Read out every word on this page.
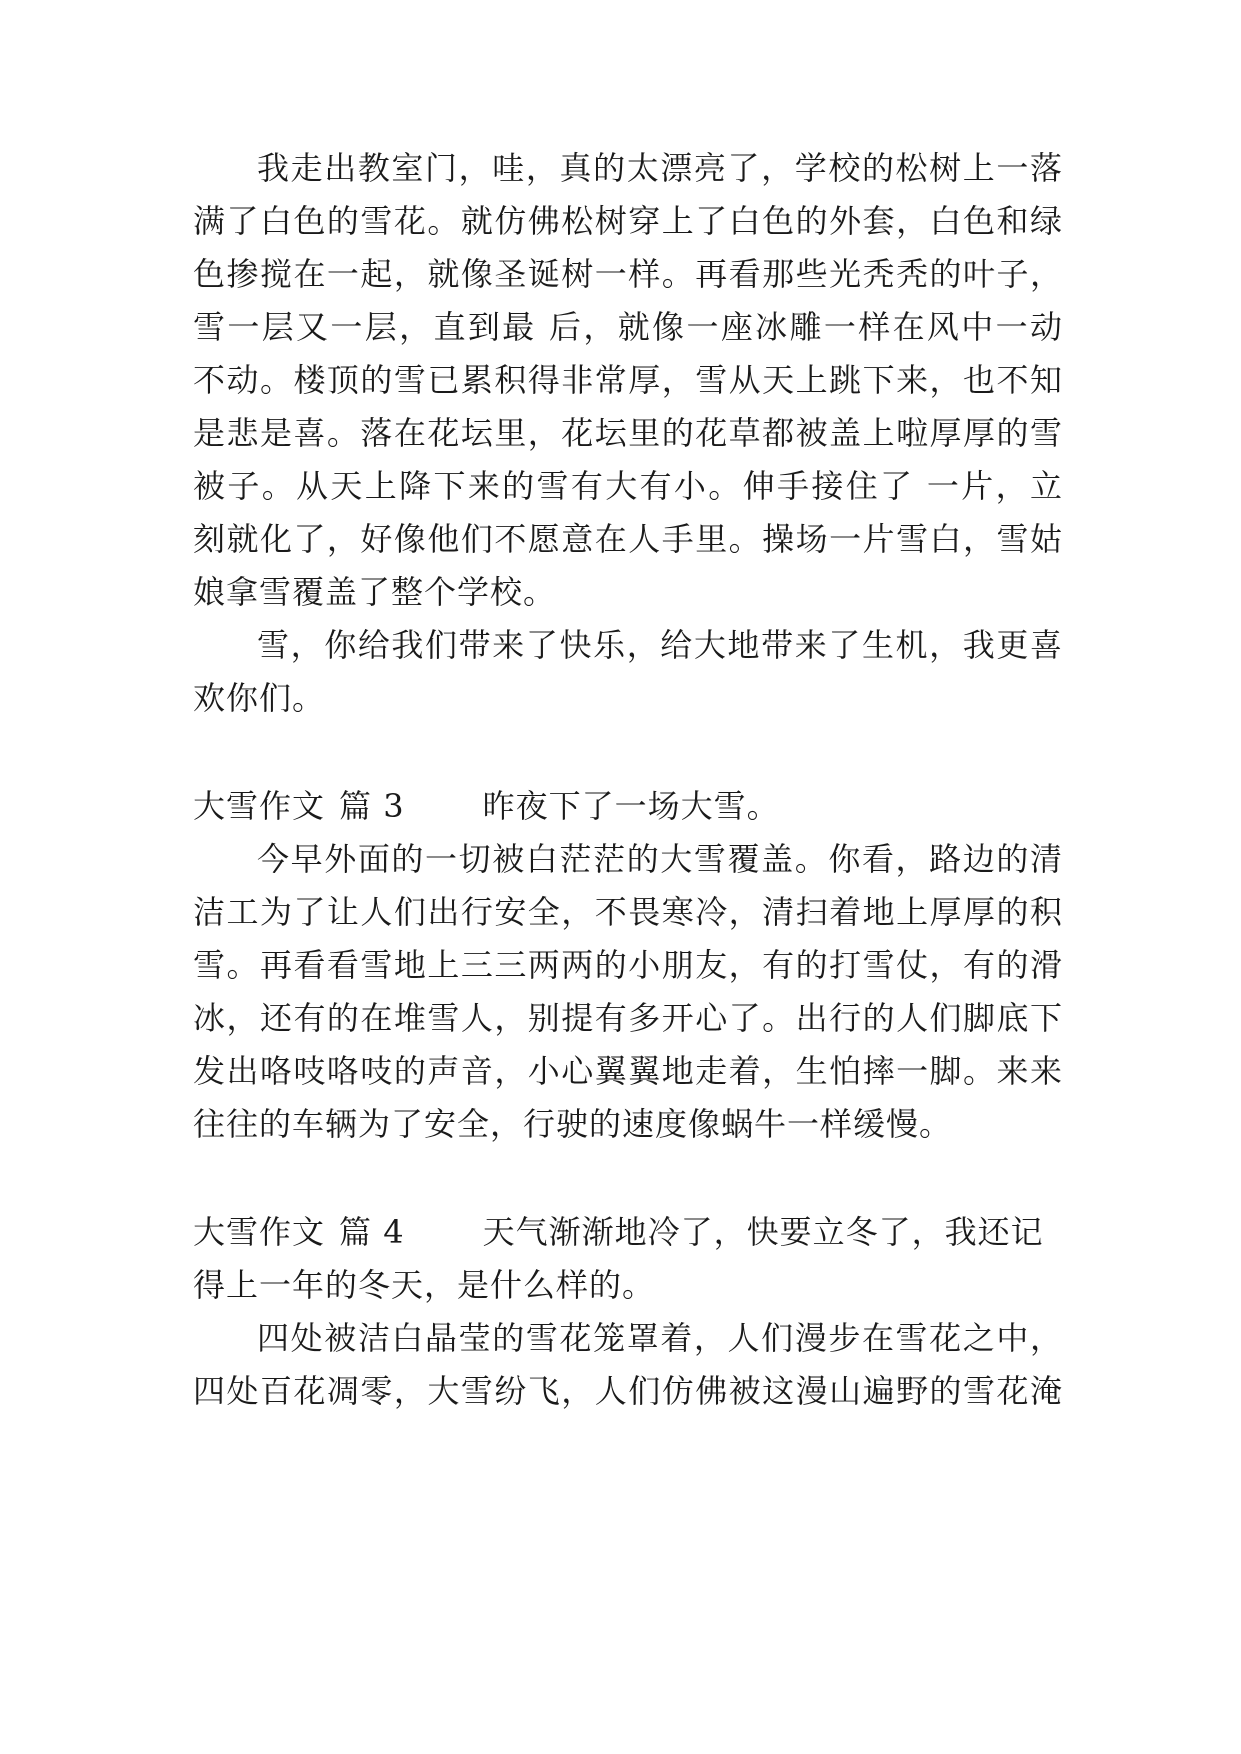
我走出教室门，哇，真的太漂亮了，学校的松树上一落
满了白色的雪花。就仿佛松树穿上了白色的外套，白色和绿
色掺搅在一起，就像圣诞树一样。再看那些光秃秃的叶子，
雪一层又一层，直到最 后，就像一座冰雕一样在风中一动
不动。楼顶的雪已累积得非常厚，雪从天上跳下来，也不知
是悲是喜。落在花坛里，花坛里的花草都被盖上啦厚厚的雪
被子。从天上降下来的雪有大有小。伸手接住了 一片，立
刻就化了，好像他们不愿意在人手里。操场一片雪白，雪姑
娘拿雪覆盖了整个学校。
雪，你给我们带来了快乐，给大地带来了生机，我更喜
欢你们。
大雪作文 篇 3 昨夜下了一场大雪。
今早外面的一切被白茫茫的大雪覆盖。你看，路边的清
洁工为了让人们出行安全，不畏寒冷，清扫着地上厚厚的积
雪。再看看雪地上三三两两的小朋友，有的打雪仗，有的滑
冰，还有的在堆雪人，别提有多开心了。出行的人们脚底下
发出咯吱咯吱的声音，小心翼翼地走着，生怕摔一脚。来来
往往的车辆为了安全，行驶的速度像蜗牛一样缓慢。
大雪作文 篇 4 天气渐渐地冷了，快要立冬了，我还记
得上一年的冬天，是什么样的。
四处被洁白晶莹的雪花笼罩着，人们漫步在雪花之中，
四处百花凋零，大雪纷飞，人们仿佛被这漫山遍野的雪花淹
